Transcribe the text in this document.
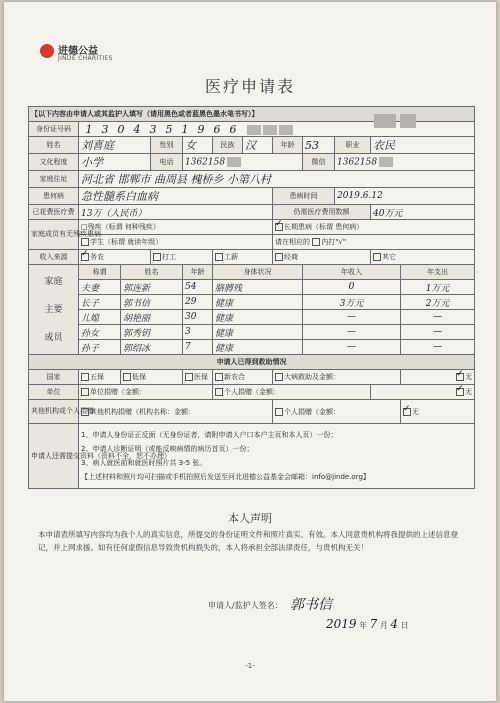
进德公益
JINDE CHARITIES
医疗申请表
【以下内容由申请人或其监护人填写（请用黑色或者蓝黑色墨水笔书写）】											
身份证号码	1 3 0 4 3 5 1 9 6 6										
姓名	刘喜庭		性别	女	民族	汉	年龄	53	职业	农民	
文化程度	小学		电话	1362158				微信	1362158		
家庭住址	河北省 邯郸市 曲周县 槐桥乡 小第八村										
患何病	急性髓系白血病						患病时间		2019.6.12		
已花费医疗费	13万（人民币）						仍需医疗费用数额			40万元	
家庭成员有无残疾患病	□残疾（标谓 何种残疾）	✓长期患病（标谓 患何病）
	学生（标谓 就读年级）						请在相应的 内打"√"				
收入来源	✓务农		打工		工薪		经商			其它	

家庭
主要
成员	称谓	姓名		年龄	身体状况			年收入			年支出
	夫妻	郭连新		54	胳膊残			0			1万元
	长子	郭书信		29	健康			3万元			2万元
	儿媳	胡艳丽		30	健康			—			—
	孙女	郭秀钥		3	健康			—			—
	孙子	郭绍冰		7	健康			—			—
申请人已得到救助情况											
国家	五保	低保		医保	新农合		大病救助及金额：	✓无
单位	单位捐赠（金额：				个人捐赠（金额：	✓无
其他机构或个人捐赠	其他机构捐赠（机构名称：金额：						个人捐赠（金额：	✓无
申请人还需提交资料（资料不全，恕不办理）	1、申请人身份证正反面（无身份证者，请附申请人户口本户主页和本人页）一份；
2、申请人诊断证明（或能反映病情的病历首页）一份；
3、病人就医前和就医时照片共 3-5 张。
【上述材料和照片均可扫描或手机拍照后发送至河北进德公益基金会邮箱：info@jinde.org】										
本人声明
本申请表所填写内容均为我个人的真实信息，所提交的身份证明文件和照片真实、有效。本人同意贵机构将我提供的上述信息登记，并上网求援。如有任何虚假信息导致贵机构损失的，本人将承担全部法律责任，与贵机构无关！
申请人/监护人签名： 郭书信
2019 年 7 月 4 日
-1-
